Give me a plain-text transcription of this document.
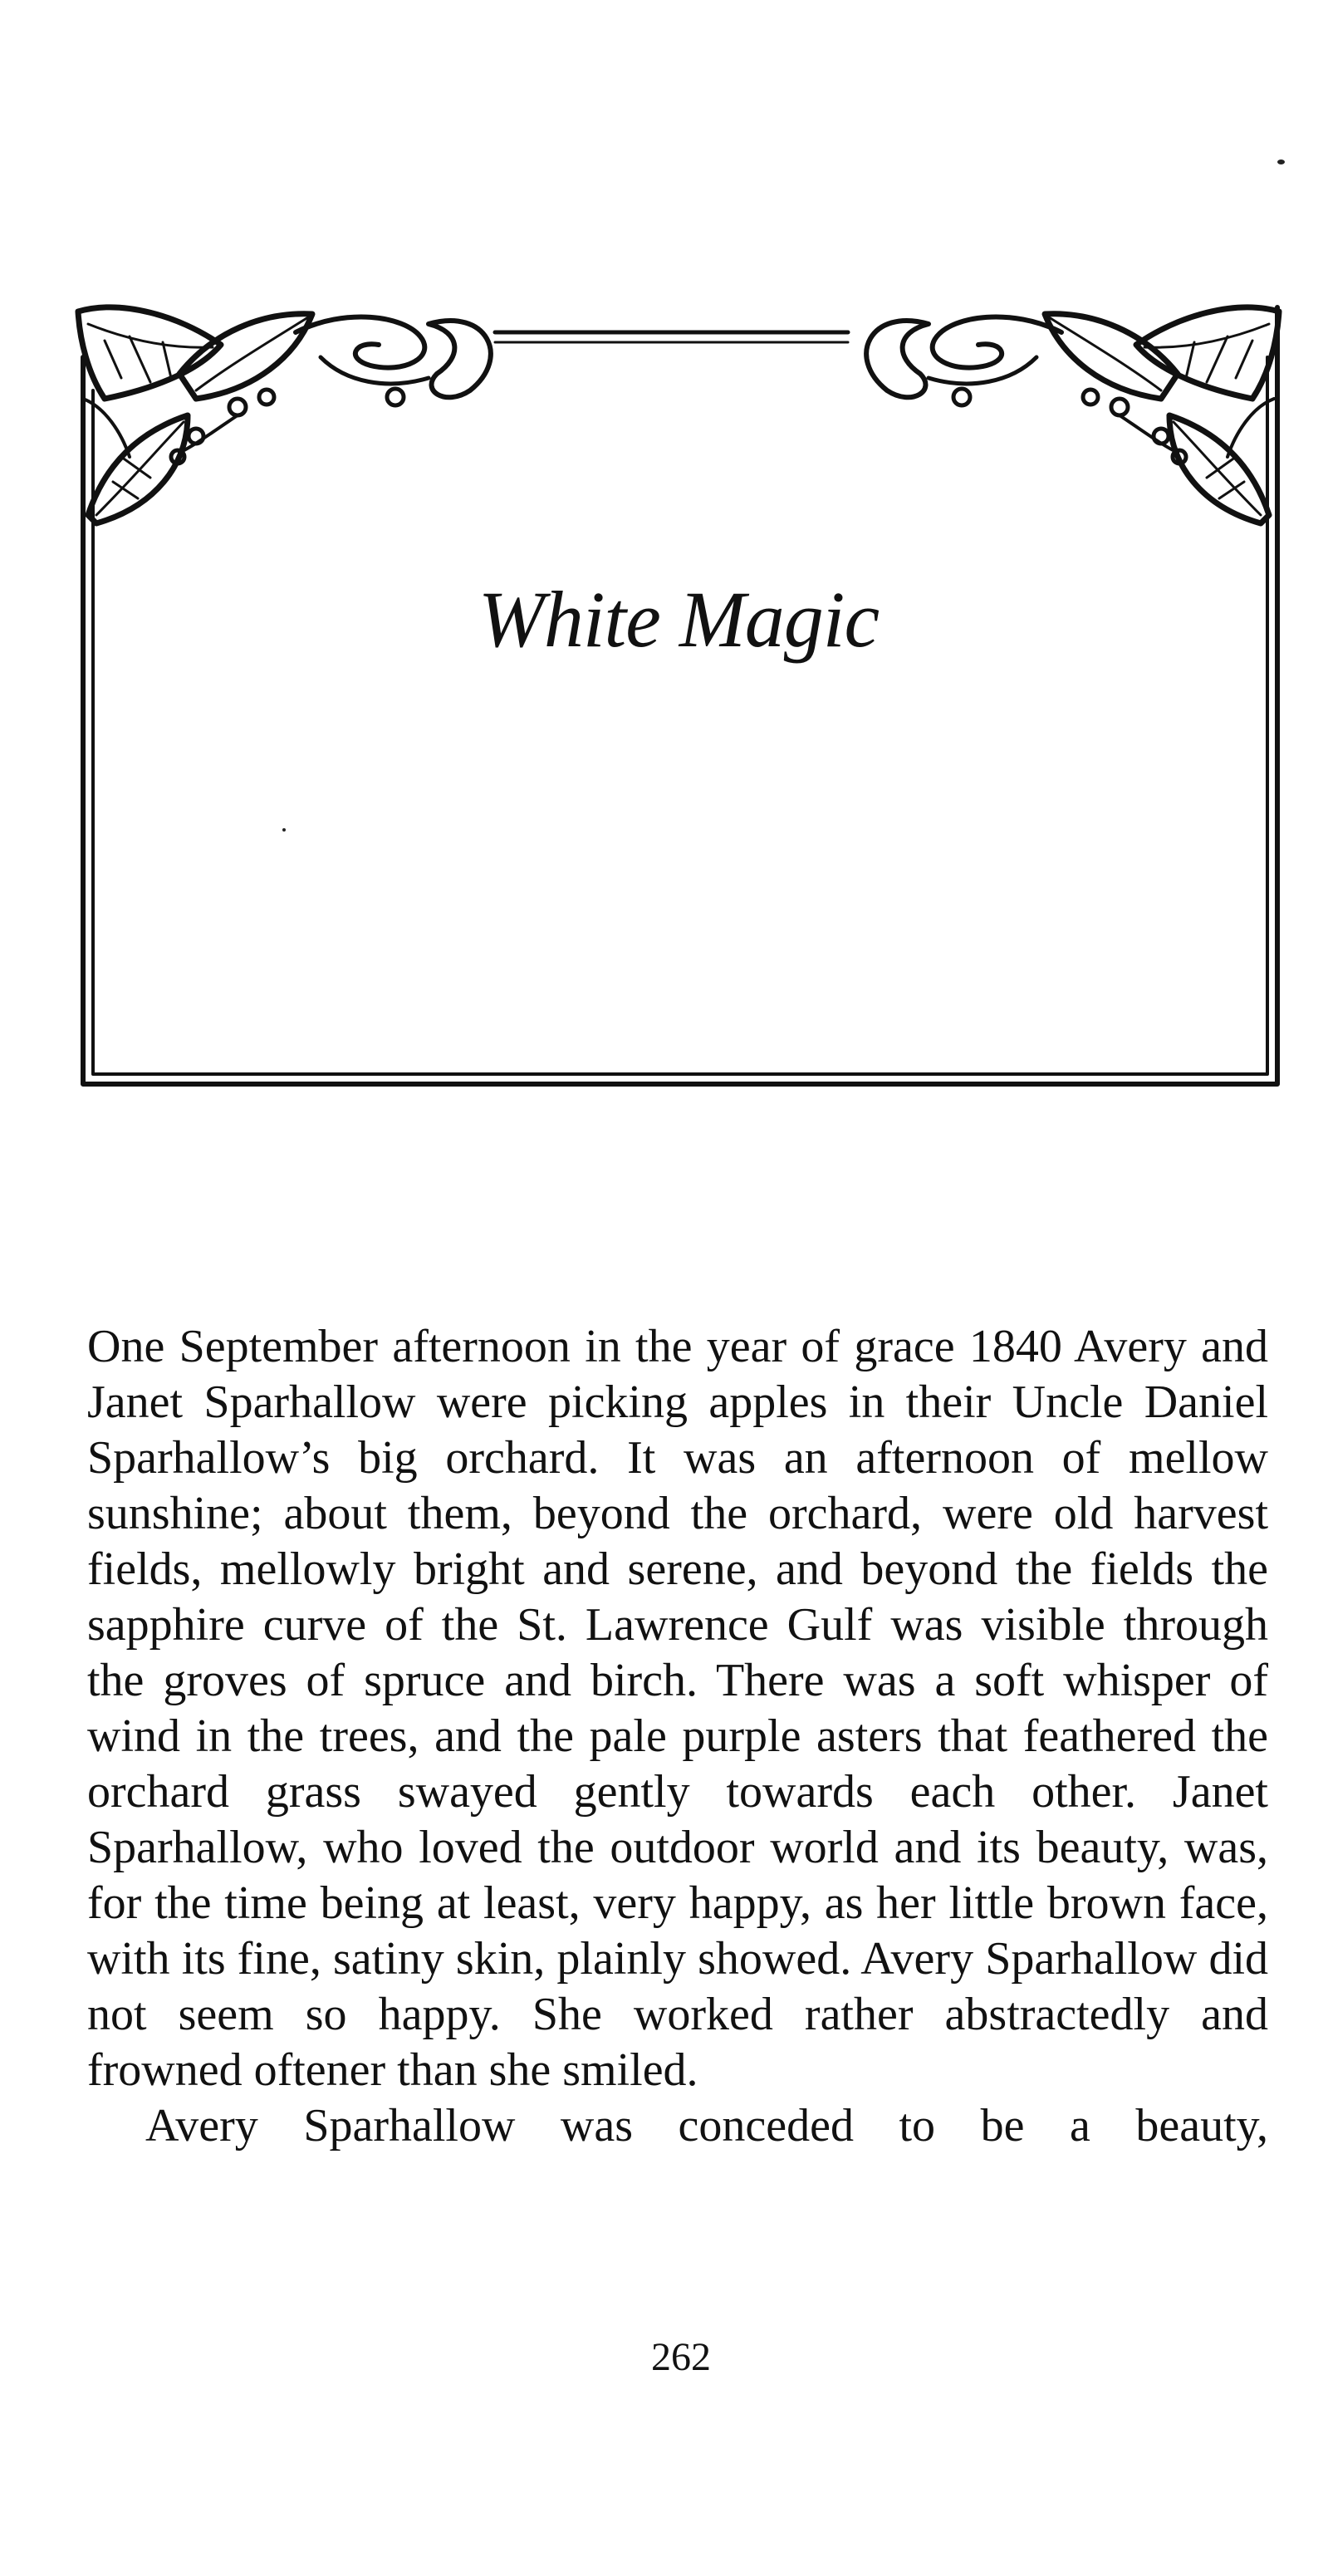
White Magic

One September afternoon in the year of grace 1840 Avery and Janet Sparhallow were picking apples in their Uncle Daniel Sparhallow’s big orchard. It was an afternoon of mellow sunshine; about them, beyond the orchard, were old harvest fields, mellowly bright and serene, and beyond the fields the sapphire curve of the St. Lawrence Gulf was visible through the groves of spruce and birch. There was a soft whisper of wind in the trees, and the pale purple asters that feathered the orchard grass swayed gently towards each other. Janet Sparhallow, who loved the outdoor world and its beauty, was, for the time being at least, very happy, as her little brown face, with its fine, satiny skin, plainly showed. Avery Sparhallow did not seem so happy. She worked rather abstractedly and frowned oftener than she smiled.

Avery Sparhallow was conceded to be a beauty,

262
